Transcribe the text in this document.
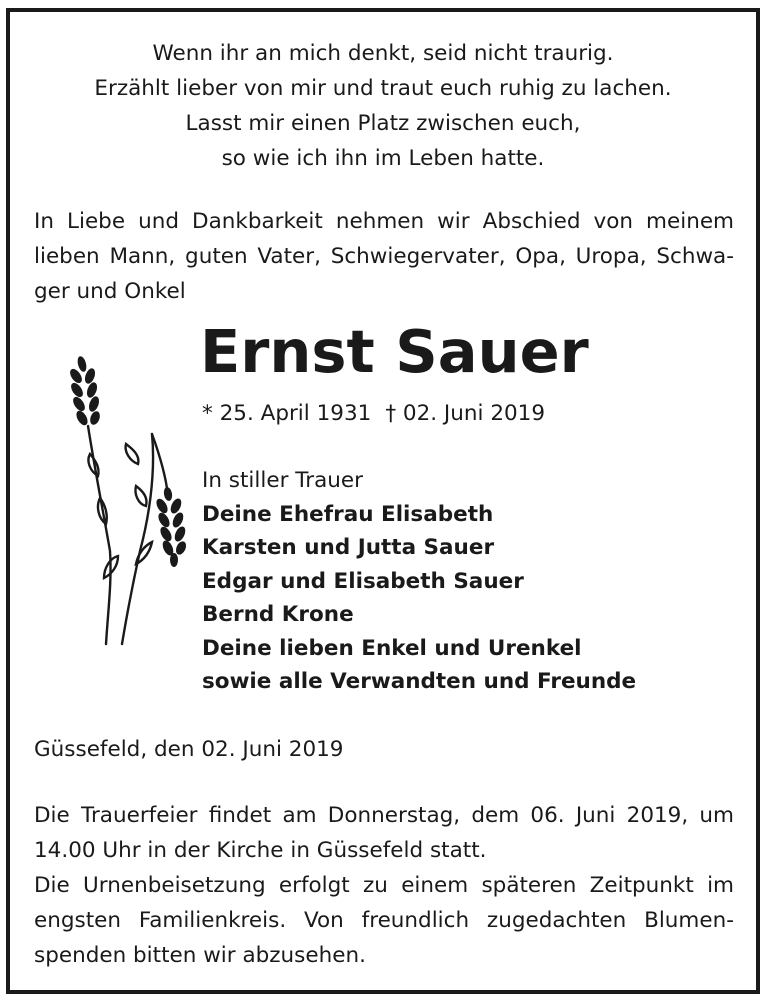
Wenn ihr an mich denkt, seid nicht traurig.
Erzählt lieber von mir und traut euch ruhig zu lachen.
Lasst mir einen Platz zwischen euch,
so wie ich ihn im Leben hatte.
In Liebe und Dankbarkeit nehmen wir Abschied von meinem
lieben Mann, guten Vater, Schwiegervater, Opa, Uropa, Schwa-
ger und Onkel
Ernst Sauer
* 25. April 1931 † 02. Juni 2019
In stiller Trauer
Deine Ehefrau Elisabeth
Karsten und Jutta Sauer
Edgar und Elisabeth Sauer
Bernd Krone
Deine lieben Enkel und Urenkel
sowie alle Verwandten und Freunde
Güssefeld, den 02. Juni 2019
Die Trauerfeier findet am Donnerstag, dem 06. Juni 2019, um
14.00 Uhr in der Kirche in Güssefeld statt.
Die Urnenbeisetzung erfolgt zu einem späteren Zeitpunkt im
engsten Familienkreis. Von freundlich zugedachten Blumen-
spenden bitten wir abzusehen.
